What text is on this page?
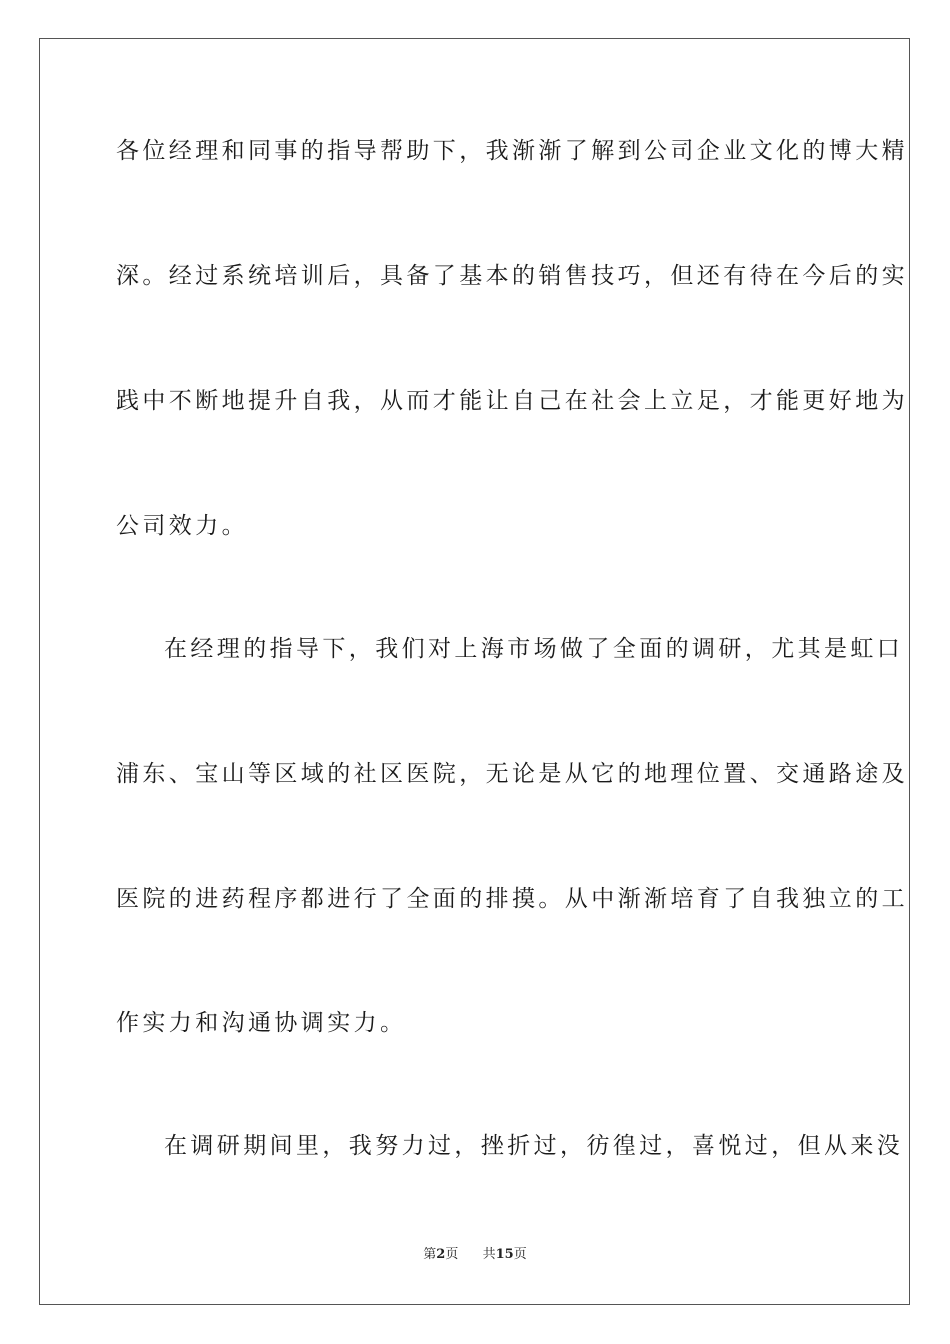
各位经理和同事的指导帮助下，我渐渐了解到公司企业文化的博大精
深。经过系统培训后，具备了基本的销售技巧，但还有待在今后的实
践中不断地提升自我，从而才能让自己在社会上立足，才能更好地为
公司效力。
在经理的指导下，我们对上海市场做了全面的调研，尤其是虹口
浦东、宝山等区域的社区医院，无论是从它的地理位置、交通路途及
医院的进药程序都进行了全面的排摸。从中渐渐培育了自我独立的工
作实力和沟通协调实力。
在调研期间里，我努力过，挫折过，彷徨过，喜悦过，但从来没
第2页 共15页
